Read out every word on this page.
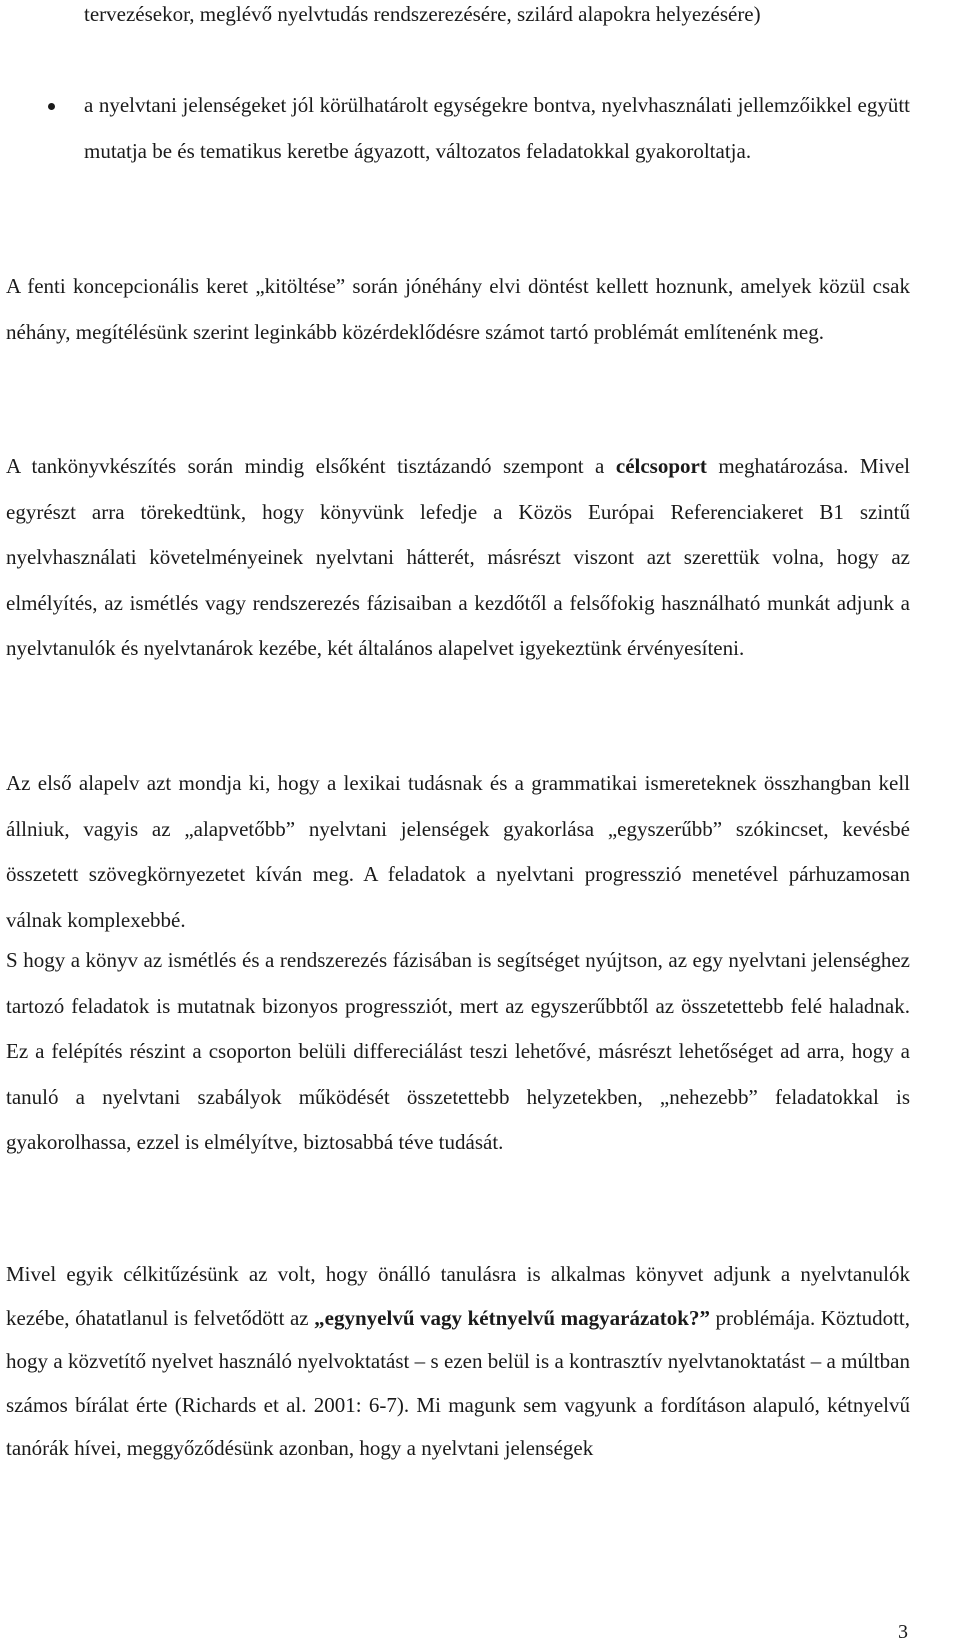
tervezésekor, meglévő nyelvtudás rendszerezésére, szilárd alapokra helyezésére)

a nyelvtani jelenségeket jól körülhatárolt egységekre bontva, nyelvhasználati jellemzőikkel együtt mutatja be és tematikus keretbe ágyazott, változatos feladatokkal gyakoroltatja.

A fenti koncepcionális keret „kitöltése” során jónéhány elvi döntést kellett hoznunk, amelyek közül csak néhány, megítélésünk szerint leginkább közérdeklődésre számot tartó problémát említenénk meg.

A tankönyvkészítés során mindig elsőként tisztázandó szempont a célcsoport meghatározása. Mivel egyrészt arra törekedtünk, hogy könyvünk lefedje a Közös Európai Referenciakeret B1 szintű nyelvhasználati követelményeinek nyelvtani hátterét, másrészt viszont azt szerettük volna, hogy az elmélyítés, az ismétlés vagy rendszerezés fázisaiban a kezdőtől a felsőfokig használható munkát adjunk a nyelvtanulók és nyelvtanárok kezébe, két általános alapelvet igyekeztünk érvényesíteni.

Az első alapelv azt mondja ki, hogy a lexikai tudásnak és a grammatikai ismereteknek összhangban kell állniuk, vagyis az „alapvetőbb” nyelvtani jelenségek gyakorlása „egyszerűbb” szókincset, kevésbé összetett szövegkörnyezetet kíván meg. A feladatok a nyelvtani progresszió menetével párhuzamosan válnak komplexebbé.

S hogy a könyv az ismétlés és a rendszerezés fázisában is segítséget nyújtson, az egy nyelvtani jelenséghez tartozó feladatok is mutatnak bizonyos progressziót, mert az egyszerűbbtől az összetettebb felé haladnak. Ez a felépítés részint a csoporton belüli differeciálást teszi lehetővé, másrészt lehetőséget ad arra, hogy a tanuló a nyelvtani szabályok működését összetettebb helyzetekben, „nehezebb” feladatokkal is gyakorolhassa, ezzel is elmélyítve, biztosabbá téve tudását.

Mivel egyik célkitűzésünk az volt, hogy önálló tanulásra is alkalmas könyvet adjunk a nyelvtanulók kezébe, óhatatlanul is felvetődött az „egynyelvű vagy kétnyelvű magyarázatok?” problémája. Köztudott, hogy a közvetítő nyelvet használó nyelvoktatást – s ezen belül is a kontrasztív nyelvtanoktatást – a múltban számos bírálat érte (Richards et al. 2001: 6-7). Mi magunk sem vagyunk a fordításon alapuló, kétnyelvű tanórák hívei, meggyőződésünk azonban, hogy a nyelvtani jelenségek

3
